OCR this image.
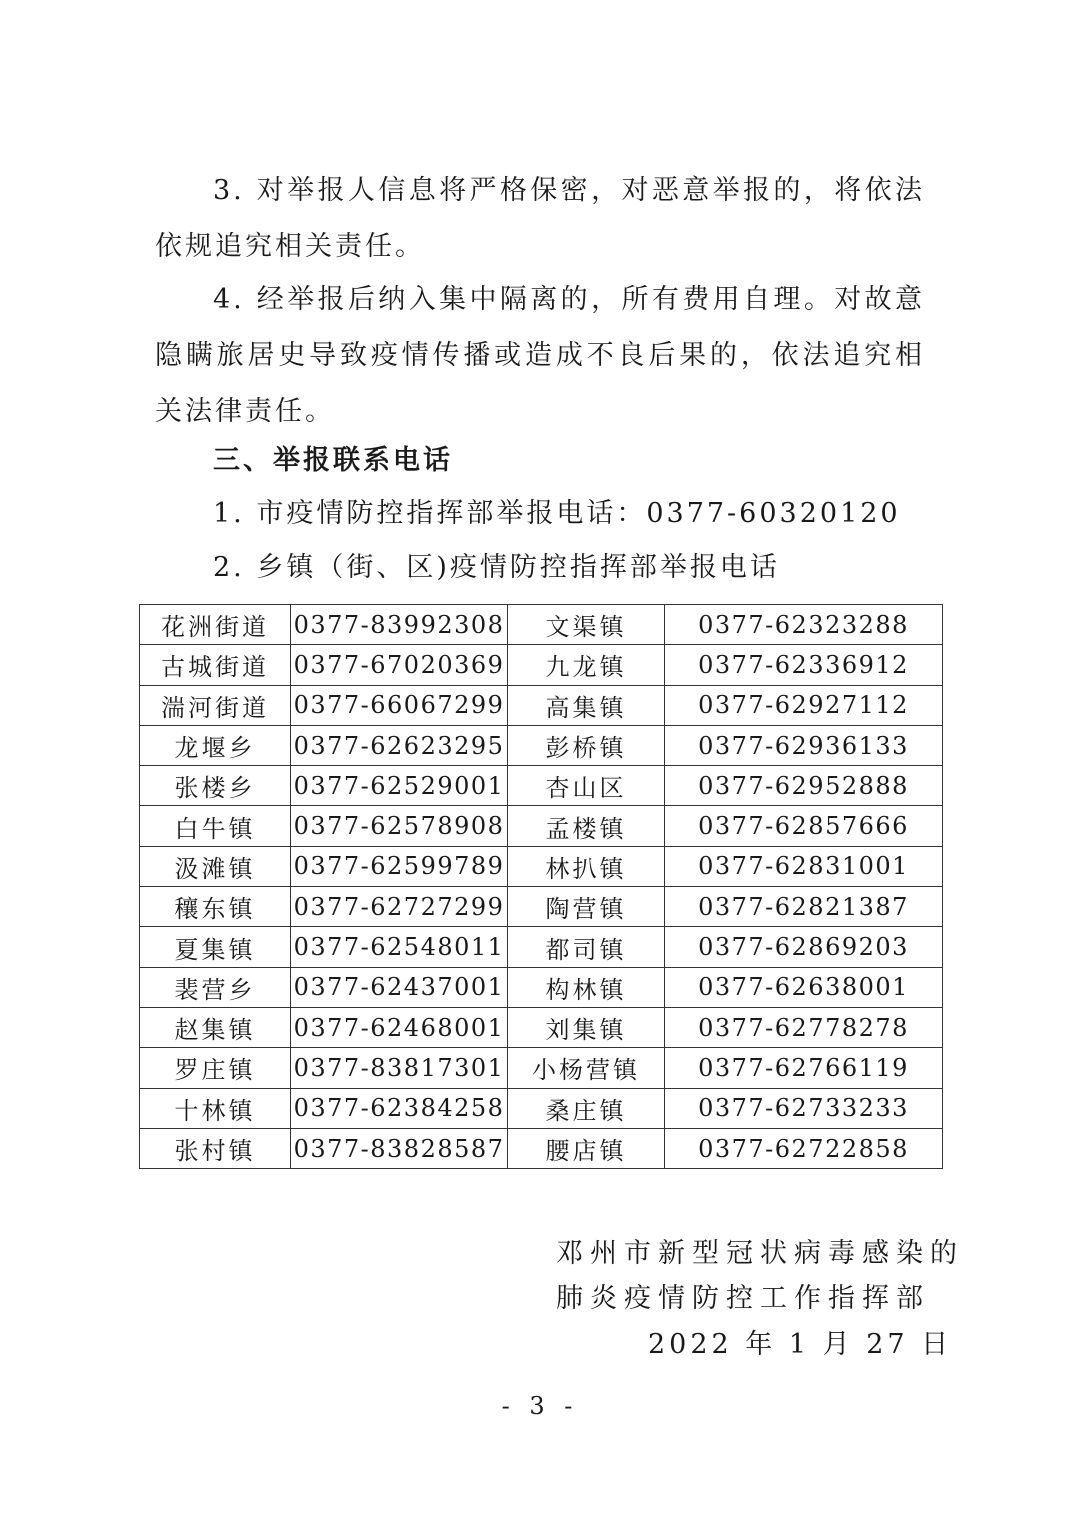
3. 对举报人信息将严格保密，对恶意举报的，将依法依规追究相关责任。

4. 经举报后纳入集中隔离的，所有费用自理。对故意隐瞒旅居史导致疫情传播或造成不良后果的，依法追究相关法律责任。

三、举报联系电话

1. 市疫情防控指挥部举报电话：0377-60320120

2. 乡镇（街、区)疫情防控指挥部举报电话

花洲街道	0377-83992308	文渠镇	0377-62323288
古城街道	0377-67020369	九龙镇	0377-62336912
湍河街道	0377-66067299	高集镇	0377-62927112
龙堰乡	0377-62623295	彭桥镇	0377-62936133
张楼乡	0377-62529001	杏山区	0377-62952888
白牛镇	0377-62578908	孟楼镇	0377-62857666
汲滩镇	0377-62599789	林扒镇	0377-62831001
穰东镇	0377-62727299	陶营镇	0377-62821387
夏集镇	0377-62548011	都司镇	0377-62869203
裴营乡	0377-62437001	构林镇	0377-62638001
赵集镇	0377-62468001	刘集镇	0377-62778278
罗庄镇	0377-83817301	小杨营镇	0377-62766119
十林镇	0377-62384258	桑庄镇	0377-62733233
张村镇	0377-83828587	腰店镇	0377-62722858

邓州市新型冠状病毒感染的

肺炎疫情防控工作指挥部

2022 年 1 月 27 日

- 3 -
